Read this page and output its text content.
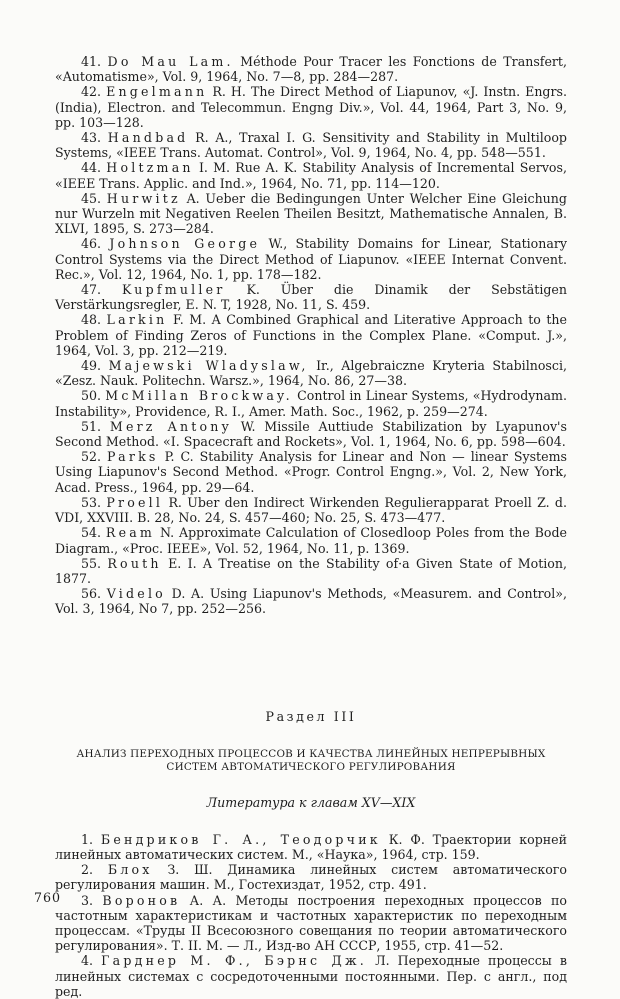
41. Do Mau Lam. Méthode Pour Tracer les Fonctions de Transfert, «Automatisme», Vol. 9, 1964, No. 7—8, pp. 284—287.

42. Engelmann R. H. The Direct Method of Liapunov, «J. Instn. Engrs. (India), Electron. and Telecommun. Engng Div.», Vol. 44, 1964, Part 3, No. 9, pp. 103—128.

43. Handbad R. A., Traxal I. G. Sensitivity and Stability in Multiloop Systems, «IEEE Trans. Automat. Control», Vol. 9, 1964, No. 4, pp. 548—551.

44. Holtzman I. M. Rue A. K. Stability Analysis of Incremental Servos, «IEEE Trans. Applic. and Ind.», 1964, No. 71, pp. 114—120.

45. Hurwitz A. Ueber die Bedingungen Unter Welcher Eine Gleichung nur Wurzeln mit Negativen Reelen Theilen Besitzt, Mathematische Annalen, B. XLVI, 1895, S. 273—284.

46. Johnson George W., Stability Domains for Linear, Stationary Control Systems via the Direct Method of Liapunov. «IEEE Internat Convent. Rec.», Vol. 12, 1964, No. 1, pp. 178—182.

47. Kupfmuller K. Über die Dinamik der Sebstätigen Verstärkungsregler, E. N. T, 1928, No. 11, S. 459.

48. Larkin F. M. A Combined Graphical and Literative Approach to the Problem of Finding Zeros of Functions in the Complex Plane. «Comput. J.», 1964, Vol. 3, pp. 212—219.

49. Majewski Wladyslaw, Ir., Algebraiczne Kryteria Stabilnosci, «Zesz. Nauk. Politechn. Warsz.», 1964, No. 86, 27—38.

50. McMillan Brockway. Control in Linear Systems, «Hydrodynam. Instability», Providence, R. I., Amer. Math. Soc., 1962, p. 259—274.

51. Merz Antony W. Missile Auttiude Stabilization by Lyapunov's Second Method. «I. Spacecraft and Rockets», Vol. 1, 1964, No. 6, pp. 598—604.

52. Parks P. C. Stability Analysis for Linear and Non — linear Systems Using Liapunov's Second Method. «Progr. Control Engng.», Vol. 2, New York, Acad. Press., 1964, pp. 29—64.

53. Proell R. Uber den Indirect Wirkenden Regulierapparat Proell Z. d. VDI, XXVIII. B. 28, No. 24, S. 457—460; No. 25, S. 473—477.

54. Ream N. Approximate Calculation of Closedloop Poles from the Bode Diagram., «Proc. IEEE», Vol. 52, 1964, No. 11, p. 1369.

55. Routh E. I. A Treatise on the Stability of·a Given State of Motion, 1877.

56. Videlo D. A. Using Liapunov's Methods, «Measurem. and Control», Vol. 3, 1964, No 7, pp. 252—256.

Раздел III
АНАЛИЗ ПЕРЕХОДНЫХ ПРОЦЕССОВ И КАЧЕСТВА ЛИНЕЙНЫХ НЕПРЕРЫВНЫХ
СИСТЕМ АВТОМАТИЧЕСКОГО РЕГУЛИРОВАНИЯ
Литература к главам XV—XIX

1. Бендриков Г. А., Теодорчик К. Ф. Траектории корней линейных автоматических систем. М., «Наука», 1964, стр. 159.

2. Блох З. Ш. Динамика линейных систем автоматического регулирования машин. М., Гостехиздат, 1952, стр. 491.

3. Воронов А. А. Методы построения переходных процессов по частотным характеристикам и частотных характеристик по переходным процессам. «Труды II Всесоюзного совещания по теории автоматического регулирования». Т. II. М. — Л., Изд-во АН СССР, 1955, стр. 41—52.

4. Гарднер М. Ф., Бэрнс Дж. Л. Переходные процессы в линейных системах с сосредоточенными постоянными. Пер. с англ., под ред.

760
